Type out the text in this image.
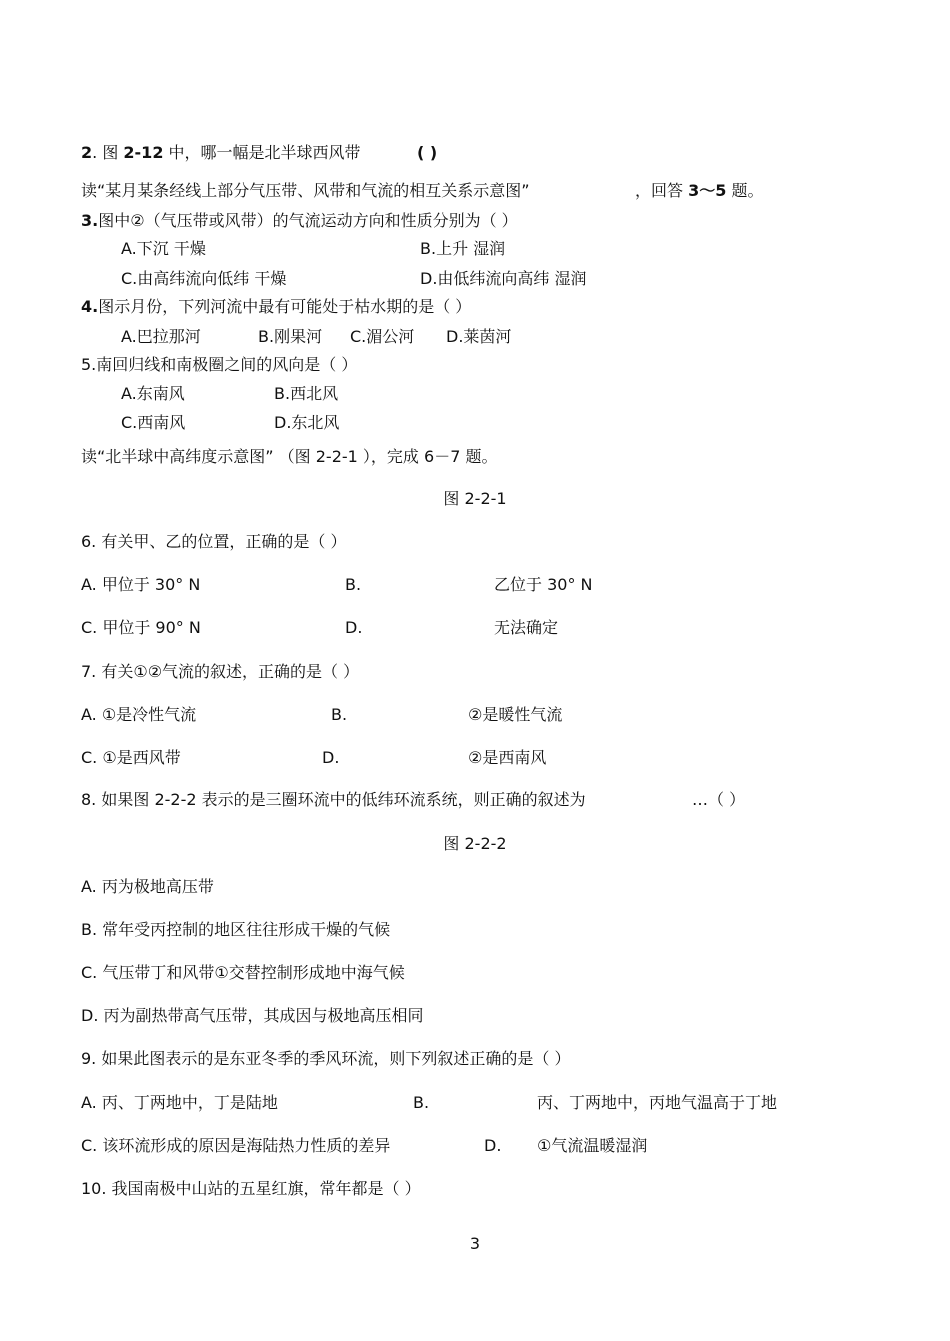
2. 图 2-12 中，哪一幅是北半球西风带	( )
读“某月某条经线上部分气压带、风带和气流的相互关系示意图”	，回答 3～5 题。
3.图中②（气压带或风带）的气流运动方向和性质分别为（ ）
A.下沉 干燥	B.上升 湿润
C.由高纬流向低纬 干燥	D.由低纬流向高纬 湿润
4.图示月份，下列河流中最有可能处于枯水期的是（ ）
A.巴拉那河	B.刚果河 C.湄公河 D.莱茵河
5.南回归线和南极圈之间的风向是（ ）
A.东南风	B.西北风
C.西南风	D.东北风
读“北半球中高纬度示意图” （图 2-2-1 ），完成 6－7 题。
图 2-2-1
6. 有关甲、乙的位置，正确的是（ ）
A. 甲位于 30° N	B.	乙位于 30° N
C. 甲位于 90° N	D.	无法确定
7. 有关①②气流的叙述，正确的是（ ）
A. ①是冷性气流	B.	②是暖性气流
C. ①是西风带	D.	②是西南风
8. 如果图 2-2-2 表示的是三圈环流中的低纬环流系统，则正确的叙述为	…（ ）
图 2-2-2
A. 丙为极地高压带
B. 常年受丙控制的地区往往形成干燥的气候
C. 气压带丁和风带①交替控制形成地中海气候
D. 丙为副热带高气压带，其成因与极地高压相同
9. 如果此图表示的是东亚冬季的季风环流，则下列叙述正确的是（ ）
A. 丙、丁两地中，丁是陆地	B.	丙、丁两地中，丙地气温高于丁地
C. 该环流形成的原因是海陆热力性质的差异	D. ①气流温暖湿润
10. 我国南极中山站的五星红旗，常年都是（ ）
3
